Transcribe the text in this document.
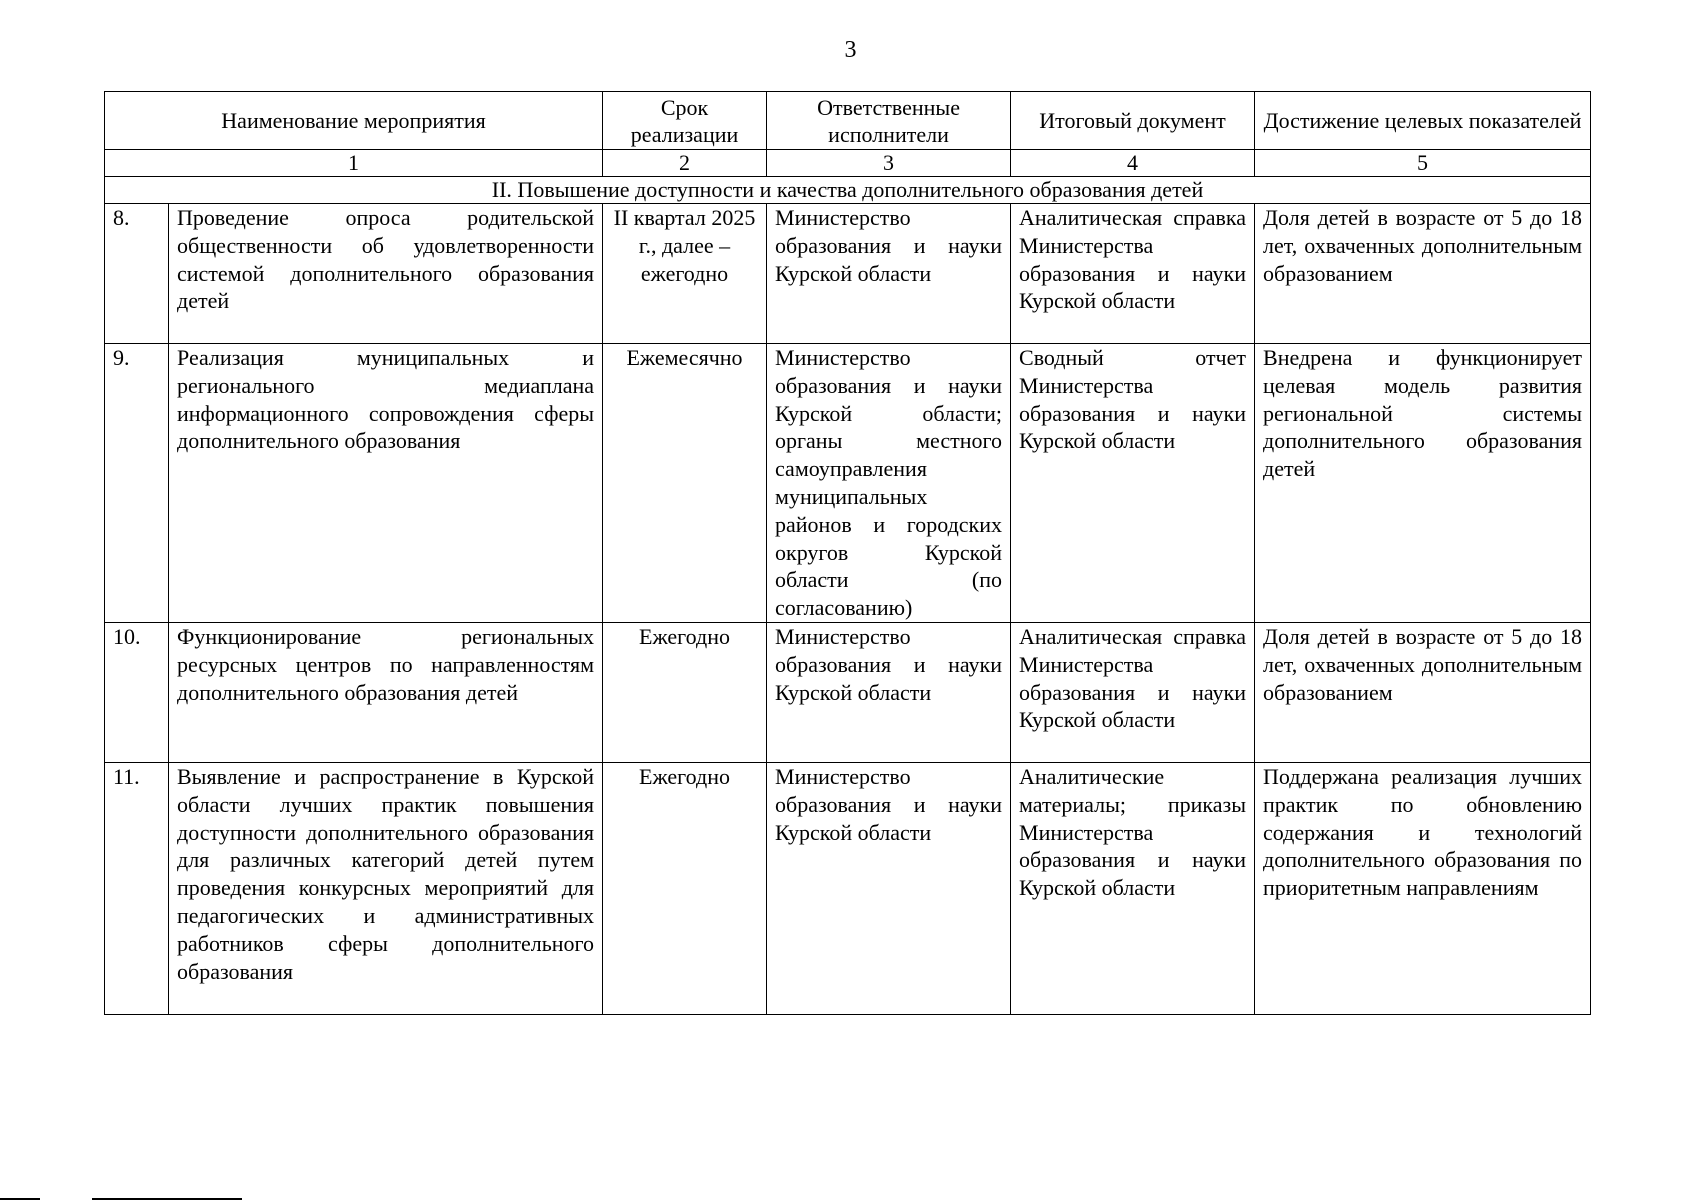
3
Наименование мероприятия		Срок реализации	Ответственные исполнители	Итоговый документ	Достижение целевых показателей
1		2	3	4	5
II. Повышение доступности и качества дополнительного образования детей					
8.	Проведение опроса родительской общественности об удовлетворенности системой дополнительного образования детей	II квартал 2025 г., далее – ежегодно	Министерство образования и науки Курской области	Аналитическая справка Министерства образования и науки Курской области	Доля детей в возрасте от 5 до 18 лет, охваченных дополнительным образованием
9.	Реализация муниципальных и регионального медиаплана информационного сопровождения сферы дополнительного образования	Ежемесячно	Министерство образования и науки Курской области; органы местного самоуправления муниципальных районов и городских округов Курской области (по согласованию)	Сводный отчет Министерства образования и науки Курской области	Внедрена и функционирует целевая модель развития региональной системы дополнительного образования детей
10.	Функционирование региональных ресурсных центров по направленностям дополнительного образования детей	Ежегодно	Министерство образования и науки Курской области	Аналитическая справка Министерства образования и науки Курской области	Доля детей в возрасте от 5 до 18 лет, охваченных дополнительным образованием
11.	Выявление и распространение в Курской области лучших практик повышения доступности дополнительного образования для различных категорий детей путем проведения конкурсных мероприятий для педагогических и административных работников сферы дополнительного образования	Ежегодно	Министерство образования и науки Курской области	Аналитические материалы; приказы Министерства образования и науки Курской области	Поддержана реализация лучших практик по обновлению содержания и технологий дополнительного образования по приоритетным направлениям
